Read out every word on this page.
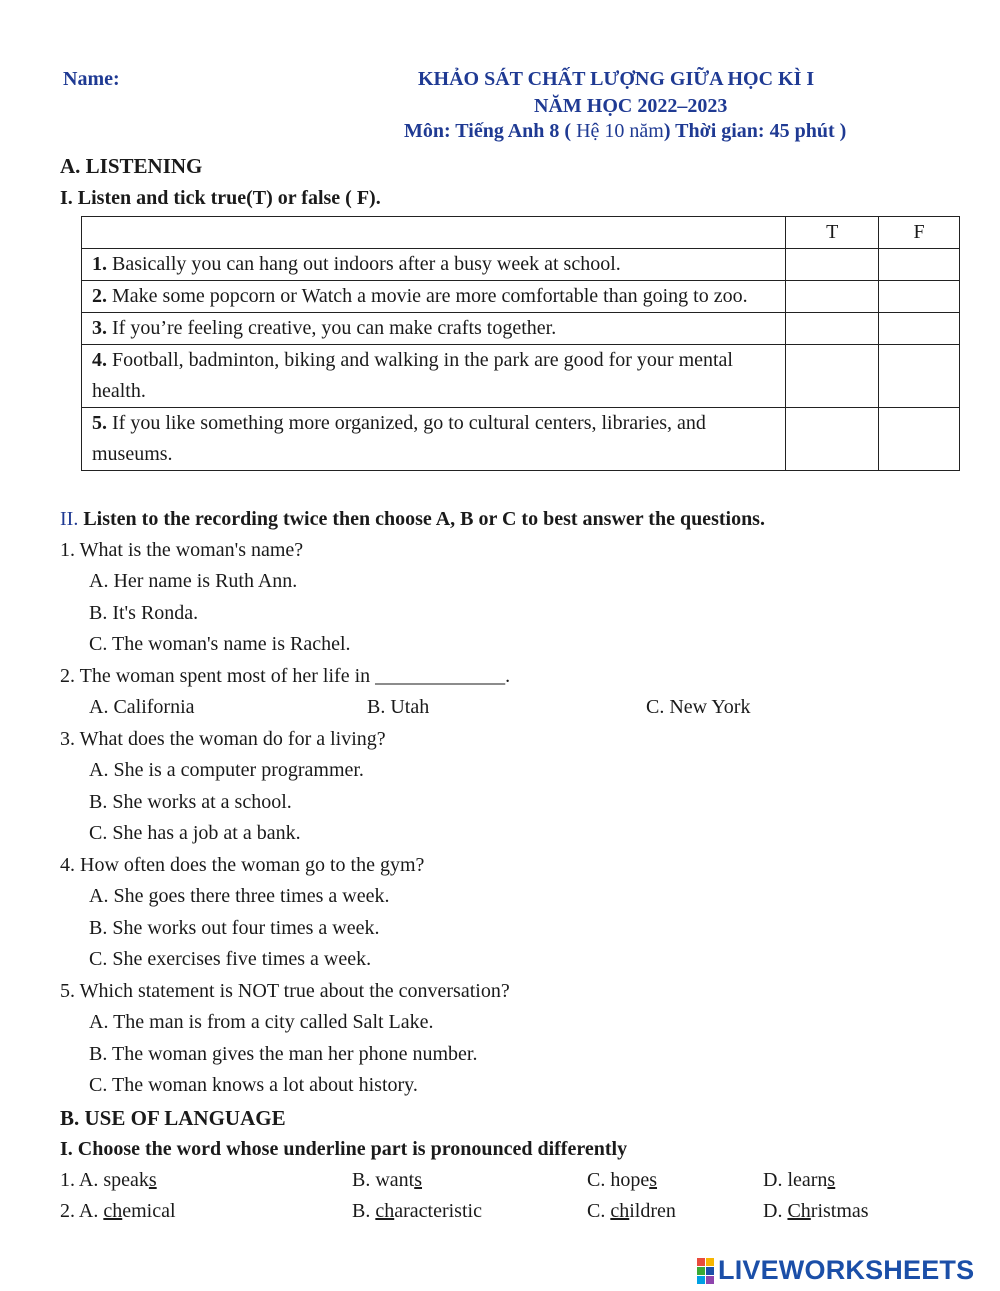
Name:	KHẢO SÁT CHẤT LƯỢNG GIỮA HỌC KÌ I
NĂM HỌC 2022–2023
Môn: Tiếng Anh 8 ( Hệ 10 năm) Thời gian: 45 phút )
A. LISTENING
I. Listen and tick true(T) or false ( F).
	T	F
1. Basically you can hang out indoors after a busy week at school.		
2. Make some popcorn or Watch a movie are more comfortable than going to zoo.		
3. If you’re feeling creative, you can make crafts together.		
4. Football, badminton, biking and walking in the park are good for your mental health.		
5. If you like something more organized, go to cultural centers, libraries, and museums.		
II. Listen to the recording twice then choose A, B or C to best answer the questions.
1. What is the woman's name?
A. Her name is Ruth Ann.
B. It's Ronda.
C. The woman's name is Rachel.
2. The woman spent most of her life in _____________.
A. California	B. Utah	C. New York
3. What does the woman do for a living?
A. She is a computer programmer.
B. She works at a school.
C. She has a job at a bank.
4. How often does the woman go to the gym?
A. She goes there three times a week.
B. She works out four times a week.
C. She exercises five times a week.
5. Which statement is NOT true about the conversation?
A. The man is from a city called Salt Lake.
B. The woman gives the man her phone number.
C. The woman knows a lot about history.
B. USE OF LANGUAGE
I. Choose the word whose underline part is pronounced differently
1. A. speaks	B. wants	C. hopes	D. learns
2. A. chemical	B. characteristic	C. children	D. Christmas
LIVEWORKSHEETS
